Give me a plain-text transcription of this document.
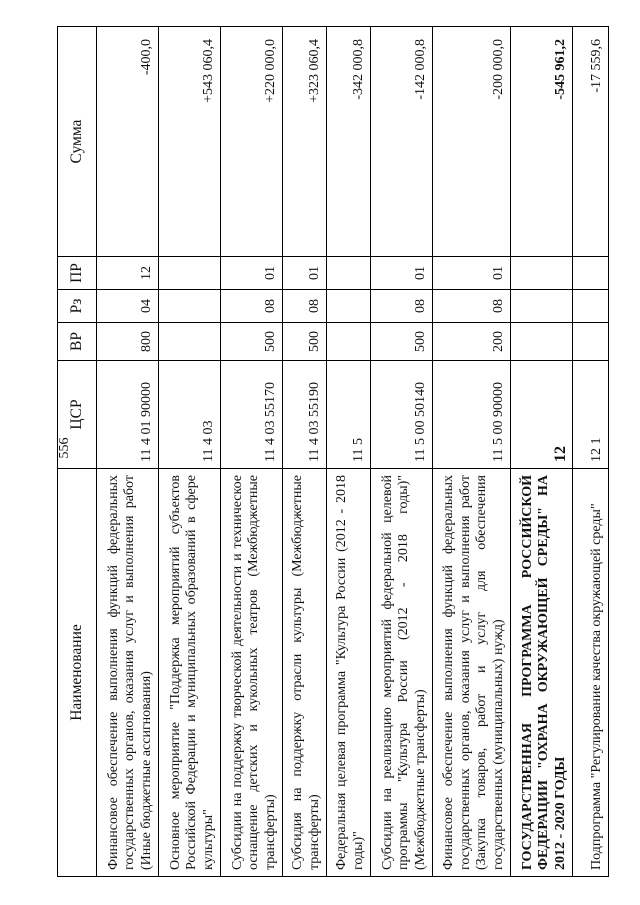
556
Наименование	ЦСР	ВР	Рз	ПР	Сумма
Финансовое обеспечение выполнения функций федеральных государственных органов, оказания услуг и выполнения работ (Иные бюджетные ассигнования)	11 4 01 90000	800	04	12	-400,0
Основное мероприятие "Поддержка мероприятий субъектов Российской Федерации и муниципальных образований в сфере культуры"	11 4 03				+543 060,4
Субсидии на поддержку творческой деятельности и техническое оснащение детских и кукольных театров (Межбюджетные трансферты)	11 4 03 55170	500	08	01	+220 000,0
Субсидия на поддержку отрасли культуры (Межбюджетные трансферты)	11 4 03 55190	500	08	01	+323 060,4
Федеральная целевая программа "Культура России (2012 - 2018 годы)"	11 5				-342 000,8
Субсидии на реализацию мероприятий федеральной целевой программы "Культура России (2012 - 2018 годы)" (Межбюджетные трансферты)	11 5 00 50140	500	08	01	-142 000,8
Финансовое обеспечение выполнения функций федеральных государственных органов, оказания услуг и выполнения работ (Закупка товаров, работ и услуг для обеспечения государственных (муниципальных) нужд)	11 5 00 90000	200	08	01	-200 000,0
ГОСУДАРСТВЕННАЯ ПРОГРАММА РОССИЙСКОЙ ФЕДЕРАЦИИ "ОХРАНА ОКРУЖАЮЩЕЙ СРЕДЫ" НА 2012 - 2020 ГОДЫ	12				-545 961,2
Подпрограмма "Регулирование качества окружающей среды"	12 1				-17 559,6
